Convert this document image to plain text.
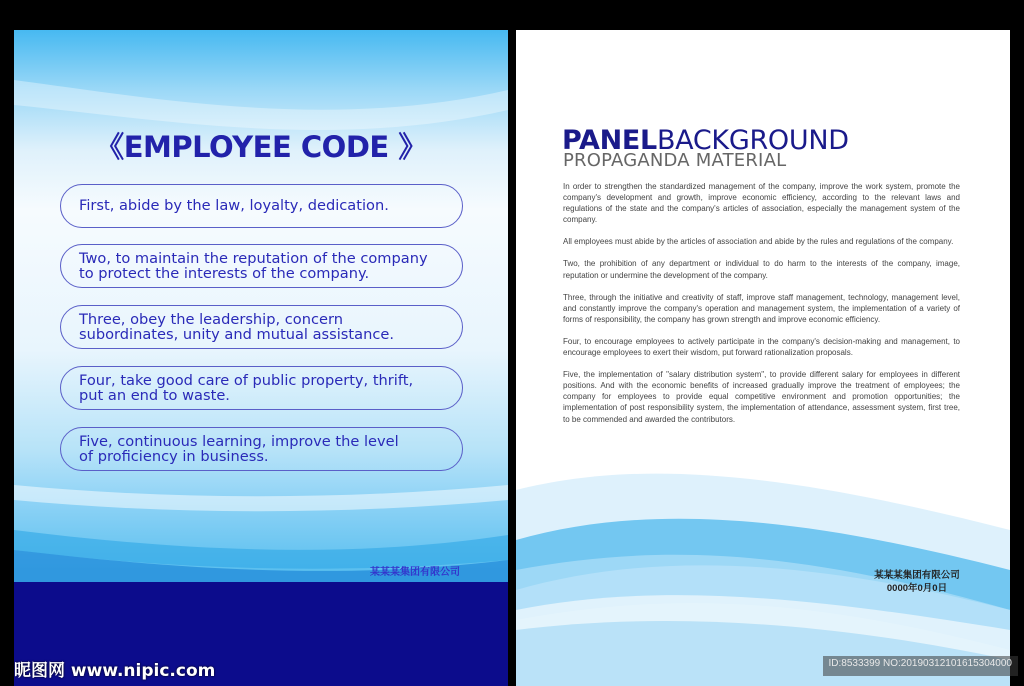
《EMPLOYEE CODE 》
First, abide by the law, loyalty, dedication.
Two, to maintain the reputation of the company
to protect the interests of the company.
Three, obey the leadership, concern
subordinates, unity and mutual assistance.
Four, take good care of public property, thrift,
put an end to waste.
Five, continuous learning, improve the level
of proficiency in business.
某某某集团有限公司
PANELBACKGROUND
PROPAGANDA MATERIAL

In order to strengthen the standardized management of the company, improve the work system, promote the company's development and growth, improve economic efficiency, according to the relevant laws and regulations of the state and the company's articles of association, especially the management system of the company.

All employees must abide by the articles of association and abide by the rules and regulations of the company.

Two, the prohibition of any department or individual to do harm to the interests of the company, image, reputation or undermine the development of the company.

Three, through the initiative and creativity of staff, improve staff management, technology, management level, and constantly improve the company's operation and management system, the implementation of a variety of forms of responsibility, the company has grown strength and improve economic efficiency.

Four, to encourage employees to actively participate in the company's decision-making and management, to encourage employees to exert their wisdom, put forward rationalization proposals.

Five, the implementation of "salary distribution system", to provide different salary for employees in different positions. And with the economic benefits of increased gradually improve the treatment of employees; the company for employees to provide equal competitive environment and promotion opportunities; the implementation of post responsibility system, the implementation of attendance, assessment system, first tree, to be commended and awarded the contributors.

某某某集团有限公司
0000年0月0日
昵图网 www.nipic.com	ID:8533399 NO:20190312101615304000
